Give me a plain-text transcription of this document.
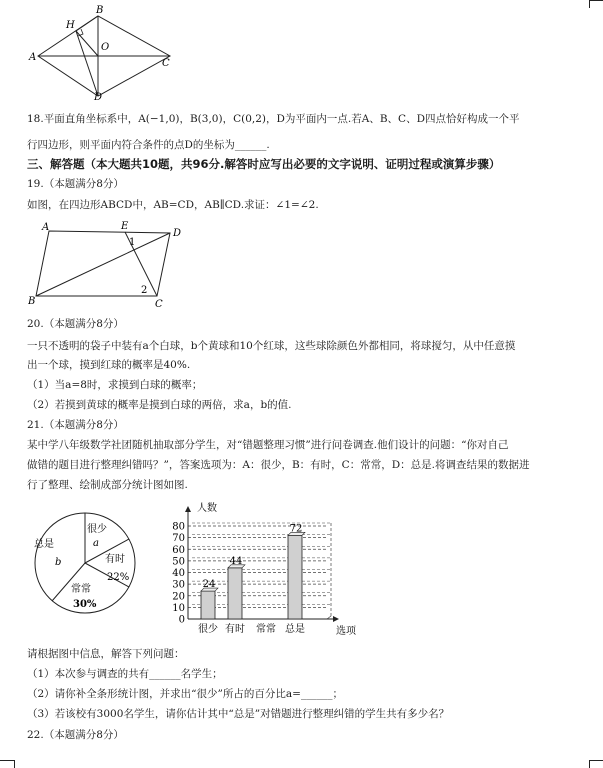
H
B
O
A
C
D
18.平面直角坐标系中，A(−1,0)，B(3,0)，C(0,2)，D为平面内一点.若A、B、C、D四点恰好构成一个平
行四边形，则平面内符合条件的点D的坐标为______.
三、解答题（本大题共10题，共96分.解答时应写出必要的文字说明、证明过程或演算步骤）
19.（本题满分8分）
如图，在四边形ABCD中，AB=CD，AB∥CD.求证：∠1=∠2.
A	E
D
1
2
B	C
20.（本题满分8分）
一只不透明的袋子中装有a个白球，b个黄球和10个红球，这些球除颜色外都相同，将球搅匀，从中任意摸
出一个球，摸到红球的概率是40%.
（1）当a=8时，求摸到白球的概率；
（2）若摸到黄球的概率是摸到白球的两倍，求a，b的值.
21.（本题满分8分）
某中学八年级数学社团随机抽取部分学生，对“错题整理习惯”进行问卷调查.他们设计的问题：“你对自己
做错的题目进行整理纠错吗？”，答案选项为：A：很少，B：有时，C：常常，D：总是.将调查结果的数据进
行了整理、绘制成部分统计图如图.
很少
a
有时
22%
常常
30%
总是
b
0
10
20
30
40
50
60
70
80
24
44
72
很少 有时 常常 总是
人数
选项
请根据图中信息，解答下列问题：
（1）本次参与调查的共有______名学生；
（2）请你补全条形统计图，并求出“很少”所占的百分比a=______；
（3）若该校有3000名学生，请你估计其中“总是”对错题进行整理纠错的学生共有多少名？
22.（本题满分8分）
